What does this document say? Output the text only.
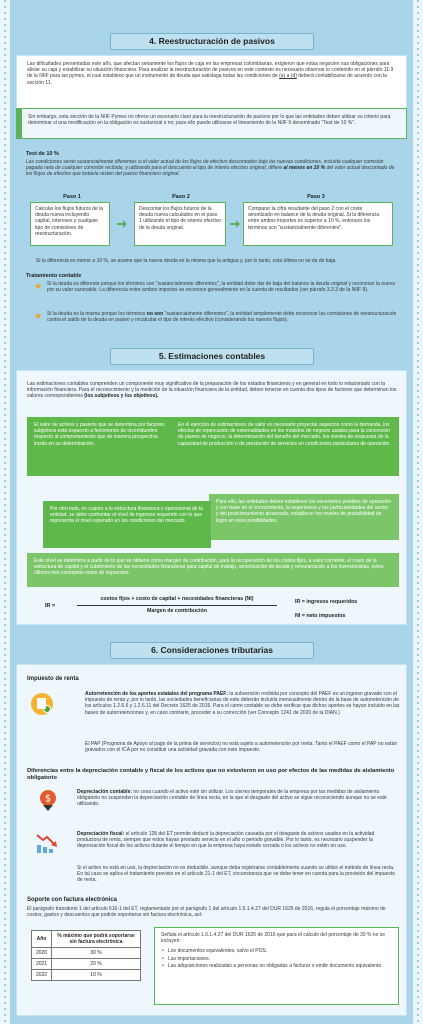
4. Reestructuración de pasivos
Las dificultades presentadas este año, que afectan seriamente los flujos de caja en las empresas colombianas, exigieron que estas negocien sus obligaciones para aliviar su caja y estabilizar su situación financiera. Para analizar la reestructuración de pasivos en este contexto es necesario observar lo contenido en el párrafo 11.9 de la NIIF para las pymes, el cual establece que un instrumento de deuda que satisfaga todas las condiciones de (a) a (d) deberá contabilizarse de acuerdo con la sección 11.
Sin embargo, esta sección de la NIIF Pymes no ofrece un escenario claro para la reestructuración de pasivos por lo que las entidades deben utilizar su criterio para determinar si una modificación en la obligación es sustancial o no; para ello puede utilizarse el lineamiento de la NIIF 9 denominado "Test de 10 %".
Test de 10 %
Las condiciones serán sustancialmente diferentes si el valor actual de los flujos de efectivo descontados bajo las nuevas condiciones, incluida cualquier comisión pagada neta de cualquier comisión recibida, y utilizando para el descuento el tipo de interés efectivo original, difiere al menos en 10 % del valor actual descontado de los flujos de efectivo que todavía resten del pasivo financiero original.
Paso 1	Paso 2	Paso 3
Calcular los flujos futuros de la deuda nueva incluyendo capital, intereses y cualquier tipo de comisiones de reestructuración.
Descontar los flujos futuros de la deuda nueva calculados en el paso 1 utilizando el tipo de interés efectivo de la deuda original.
Comparar la cifra resultante del paso 2 con el coste amortizado en balance de la deuda original. Si la diferencia entre ambos importes es superior a 10 %, entonces los términos son "sustancialmente diferentes".
Si la diferencia es menor a 10 %, se asume que la nueva deuda es la misma que la antigua y, por lo tanto, esta última no se da de baja.
Tratamiento contable
★ Si la deuda es diferente porque los términos son "sustancialmente diferentes", la entidad debe dar de baja del balance la deuda original y reconocer la nueva por su valor razonable. La diferencia entre ambos importes se reconoce generalmente en la cuenta de resultados (ver párrafo 3.3.3 de la NIIF 9).
★ Si la deuda es la misma porque los términos no son "sustancialmente diferentes", la entidad simplemente debe reconocer las comisiones de reestructuración contra el saldo de la deuda en pasivo y recalcular el tipo de interés efectivo (considerando los nuevos flujos).
5. Estimaciones contables
Las estimaciones contables comprenden un componente muy significativo de la preparación de los estados financieros y en general en todo lo relacionado con la información financiera. Para el reconocimiento y la medición de la situación financiera de la entidad, deben tenerse en cuenta dos tipos de factores que determinan los valores correspondientes (los subjetivos y los objetivos).
El valor de activos y pasivos que se determina por factores subjetivos está expuesto a fenómenos de incertidumbre respecto al comportamiento que de manera prospectiva incida en su determinación.
En el ejercicio de estimaciones de valor es necesario proyectar aspectos como la demanda, los efectos de repercusión de externalidades en los modelos de negocio usados para la concreción de planes de negocio, la determinación del tamaño del mercado, los niveles de respuesta de la capacidad de producción o de prestación de servicios en condiciones particulares de operación.
Para ello, las entidades deben establecer los escenarios posibles de operación y con base en el conocimiento, la experiencia y las particularidades del sector y del posicionamiento alcanzado, establecer los niveles de probabilidad de logro en esos posibilidades.
Por otro lado, en cuanto a la estructura financiera y operacional de la entidad, se debe confrontar el nivel de ingresos requerido con lo que representa el nivel esperado en las condiciones del mercado.
Este nivel se determina a partir de lo que se obtiene como margen de contribución, para la recuperación de los costos fijos, a valor corriente, el costo de la estructura de capital y el cubrimiento de las necesidades financieras para capital de trabajo, amortización de deuda y remuneración a los inversionistas, estos últimos tres conceptos netos de impuestos.
IR =
costos fijos + costo de capital + necesidades financieras (NI)
Margen de contribución
IR = ingresos requeridos
NI = neto impuestos
6. Consideraciones tributarias
Impuesto de renta
Autorretención de los aportes estatales del programa PAEF: la subvención recibida por concepto del PAEF es un ingreso gravado con el impuesto de renta y, por lo tanto, las sociedades beneficiarias de este deberán incluirla mensualmente dentro de la base de autorretención de los artículos 1.2.6.6 y 1.2.6.11 del Decreto 1625 de 2016. Para el cierre contable se debe verificar que dichos aportes se hayan incluido en las bases de autorretenciones y, en caso contrario, proceder a su corrección (ver Concepto 1241 de 2020 de la DIAN.)
El PAP (Programa de Apoyo al pago de la prima de servicios) no está sujeto a autorretención por renta. Tanto el PAEF como el PAP no están gravados con el ICA por no constituir una actividad gravada con este impuesto.
Diferencias entre la depreciación contable y fiscal de los activos que no estuvieron en uso por efectos de las medidas de aislamiento obligatorio
$
Depreciación contable: no cesa cuando el activo esté sin utilizar. Los cierres temporales de la empresa por las medidas de aislamiento obligatorio no suspenden la depreciación contable de línea recta, en la que el desgaste del activo se sigue reconociendo aunque no se esté utilizando.
Depreciación fiscal: el artículo 128 del ET permite deducir la depreciación causada por el desgaste de activos usados en la actividad productora de renta, siempre que estos hayan prestado servicio en el año o periodo gravable. Por lo tanto, es necesario suspender la depreciación fiscal de los activos durante el tiempo en que la empresa haya estado cerrada o los activos no estén en uso.
Si el activo no está en uso, la depreciación no es deducible, aunque deba registrarse contablemente cuando se utilice el método de línea recta. En tal caso se aplica el tratamiento previsto en el artículo 21-1 del ET, circunstancia que se debe tener en cuenta para la provisión del impuesto de renta.
Soporte con factura electrónica
El parágrafo transitorio 1 del artículo 616-1 del ET, reglamentado por el parágrafo 1 del artículo 1.6.1.4.27 del DUR 1625 de 2016, regula el porcentaje máximo de costos, gastos y descuentos que podrán soportarse sin factura electrónica, así:
Año	% máximo que podrá soportarse sin factura electrónica
2020	30 %
2021	20 %
2022	10 %
Señala el artículo 1.6.1.4.27 del DUR 1625 de 2016 que para el cálculo del porcentaje de 30 % no se incluyen:
• Los documentos equivalentes, salvo el POS.
• Las importaciones.
• Las adquisiciones realizadas a personas no obligadas a facturar o emitir documento equivalente.
